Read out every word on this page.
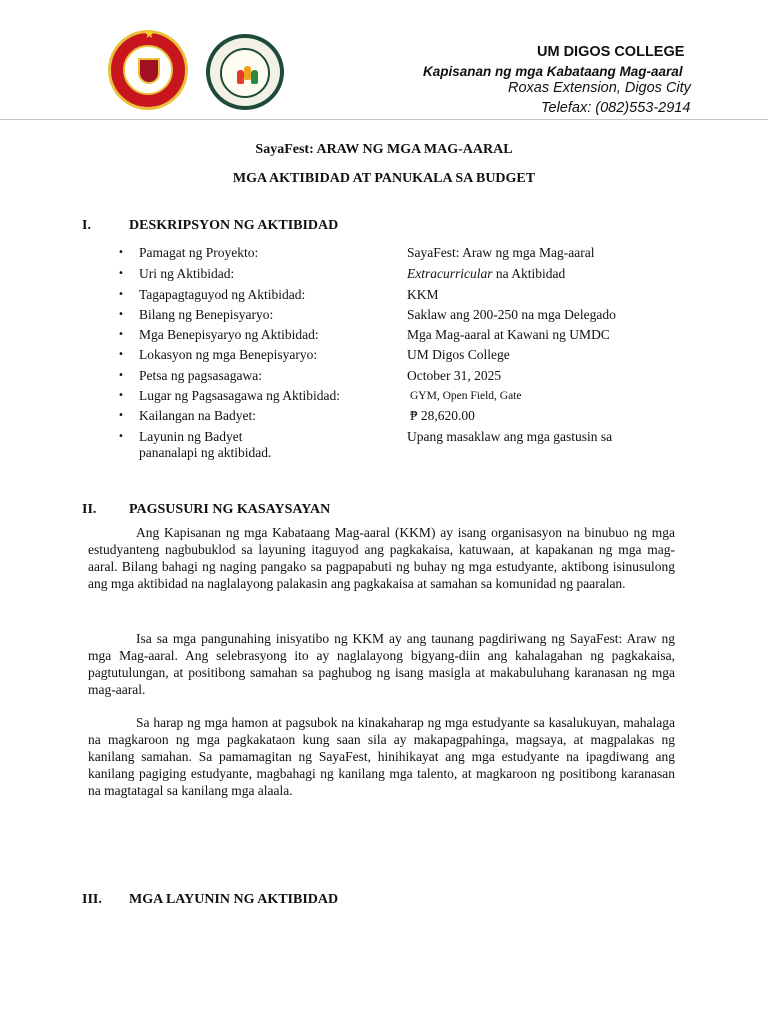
★
UM DIGOS COLLEGE
Kapisanan ng mga Kabataang Mag-aaral
Roxas Extension, Digos City
Telefax: (082)553-2914
SayaFest: ARAW NG MGA MAG-AARAL
MGA AKTIBIDAD AT PANUKALA SA BUDGET
I.	DESKRIPSYON NG AKTIBIDAD
• Pamagat ng Proyekto:	SayaFest: Araw ng mga Mag-aaral
• Uri ng Aktibidad:	Extracurricular na Aktibidad
• Tagapagtaguyod ng Aktibidad:	KKM
• Bilang ng Benepisyaryo:	Saklaw ang 200-250 na mga Delegado
• Mga Benepisyaryo ng Aktibidad:	Mga Mag-aaral at Kawani ng UMDC
• Lokasyon ng mga Benepisyaryo:	UM Digos College
• Petsa ng pagsasagawa:	October 31, 2025
• Lugar ng Pagsasagawa ng Aktibidad:	GYM, Open Field, Gate
• Kailangan na Badyet:	₱ 28,620.00
• Layunin ng Badyet	Upang masaklaw ang mga gastusin sa
pananalapi ng aktibidad.
II. PAGSUSURI NG KASAYSAYAN

Ang Kapisanan ng mga Kabataang Mag-aaral (KKM) ay isang organisasyon na binubuo ng mga estudyanteng nagbubuklod sa layuning itaguyod ang pagkakaisa, katuwaan, at kapakanan ng mga mag-aaral. Bilang bahagi ng naging pangako sa pagpapabuti ng buhay ng mga estudyante, aktibong isinusulong ang mga aktibidad na naglalayong palakasin ang pagkakaisa at samahan sa komunidad ng paaralan.

Isa sa mga pangunahing inisyatibo ng KKM ay ang taunang pagdiriwang ng SayaFest: Araw ng mga Mag-aaral. Ang selebrasyong ito ay naglalayong bigyang-diin ang kahalagahan ng pagkakaisa, pagtutulungan, at positibong samahan sa paghubog ng isang masigla at makabuluhang karanasan ng mga mag-aaral.

Sa harap ng mga hamon at pagsubok na kinakaharap ng mga estudyante sa kasalukuyan, mahalaga na magkaroon ng mga pagkakataon kung saan sila ay makapagpahinga, magsaya, at magpalakas ng kanilang samahan. Sa pamamagitan ng SayaFest, hinihikayat ang mga estudyante na ipagdiwang ang kanilang pagiging estudyante, magbahagi ng kanilang mga talento, at magkaroon ng positibong karanasan na magtatagal sa kanilang mga alaala.

III. MGA LAYUNIN NG AKTIBIDAD
